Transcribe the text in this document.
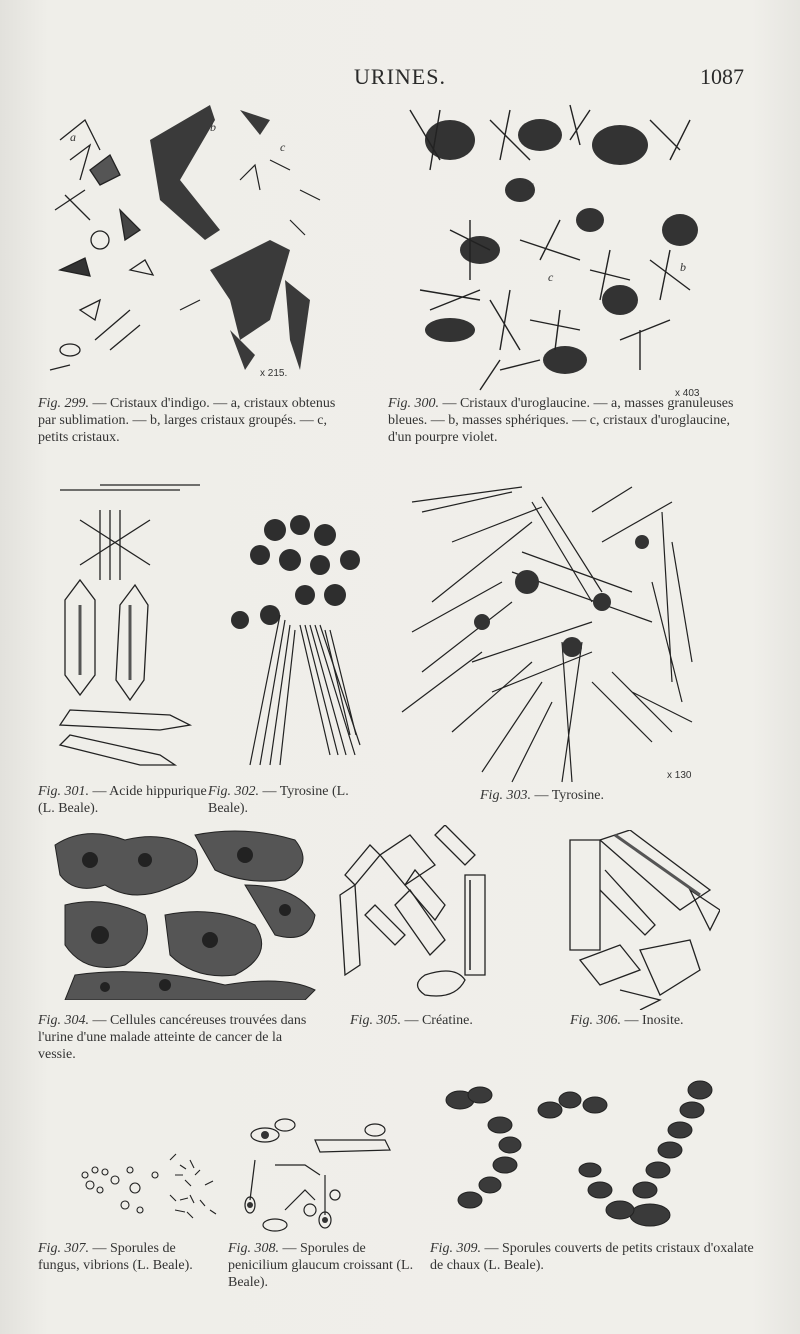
URINES.	1087
x 215.
a
b
c
Fig. 299. — Cristaux d'indigo. — a, cristaux obtenus par sublimation. — b, larges cristaux groupés. — c, petits cristaux.
x 403
a
b
c
Fig. 300. — Cristaux d'uroglaucine. — a, masses granuleuses bleues. — b, masses sphériques. — c, cristaux d'uroglaucine, d'un pourpre violet.
Fig. 301. — Acide hippurique (L. Beale).
Fig. 302. — Tyrosine (L. Beale).
x 130
Fig. 303. — Tyrosine.
Fig. 304. — Cellules cancéreuses trouvées dans l'urine d'une malade atteinte de cancer de la vessie.
Fig. 305. — Créatine.	Fig. 306. — Inosite.
Fig. 307. — Sporules de fungus, vibrions (L. Beale).
Fig. 308. — Sporules de penicilium glaucum croissant (L. Beale).
Fig. 309. — Sporules couverts de petits cristaux d'oxalate de chaux (L. Beale).
